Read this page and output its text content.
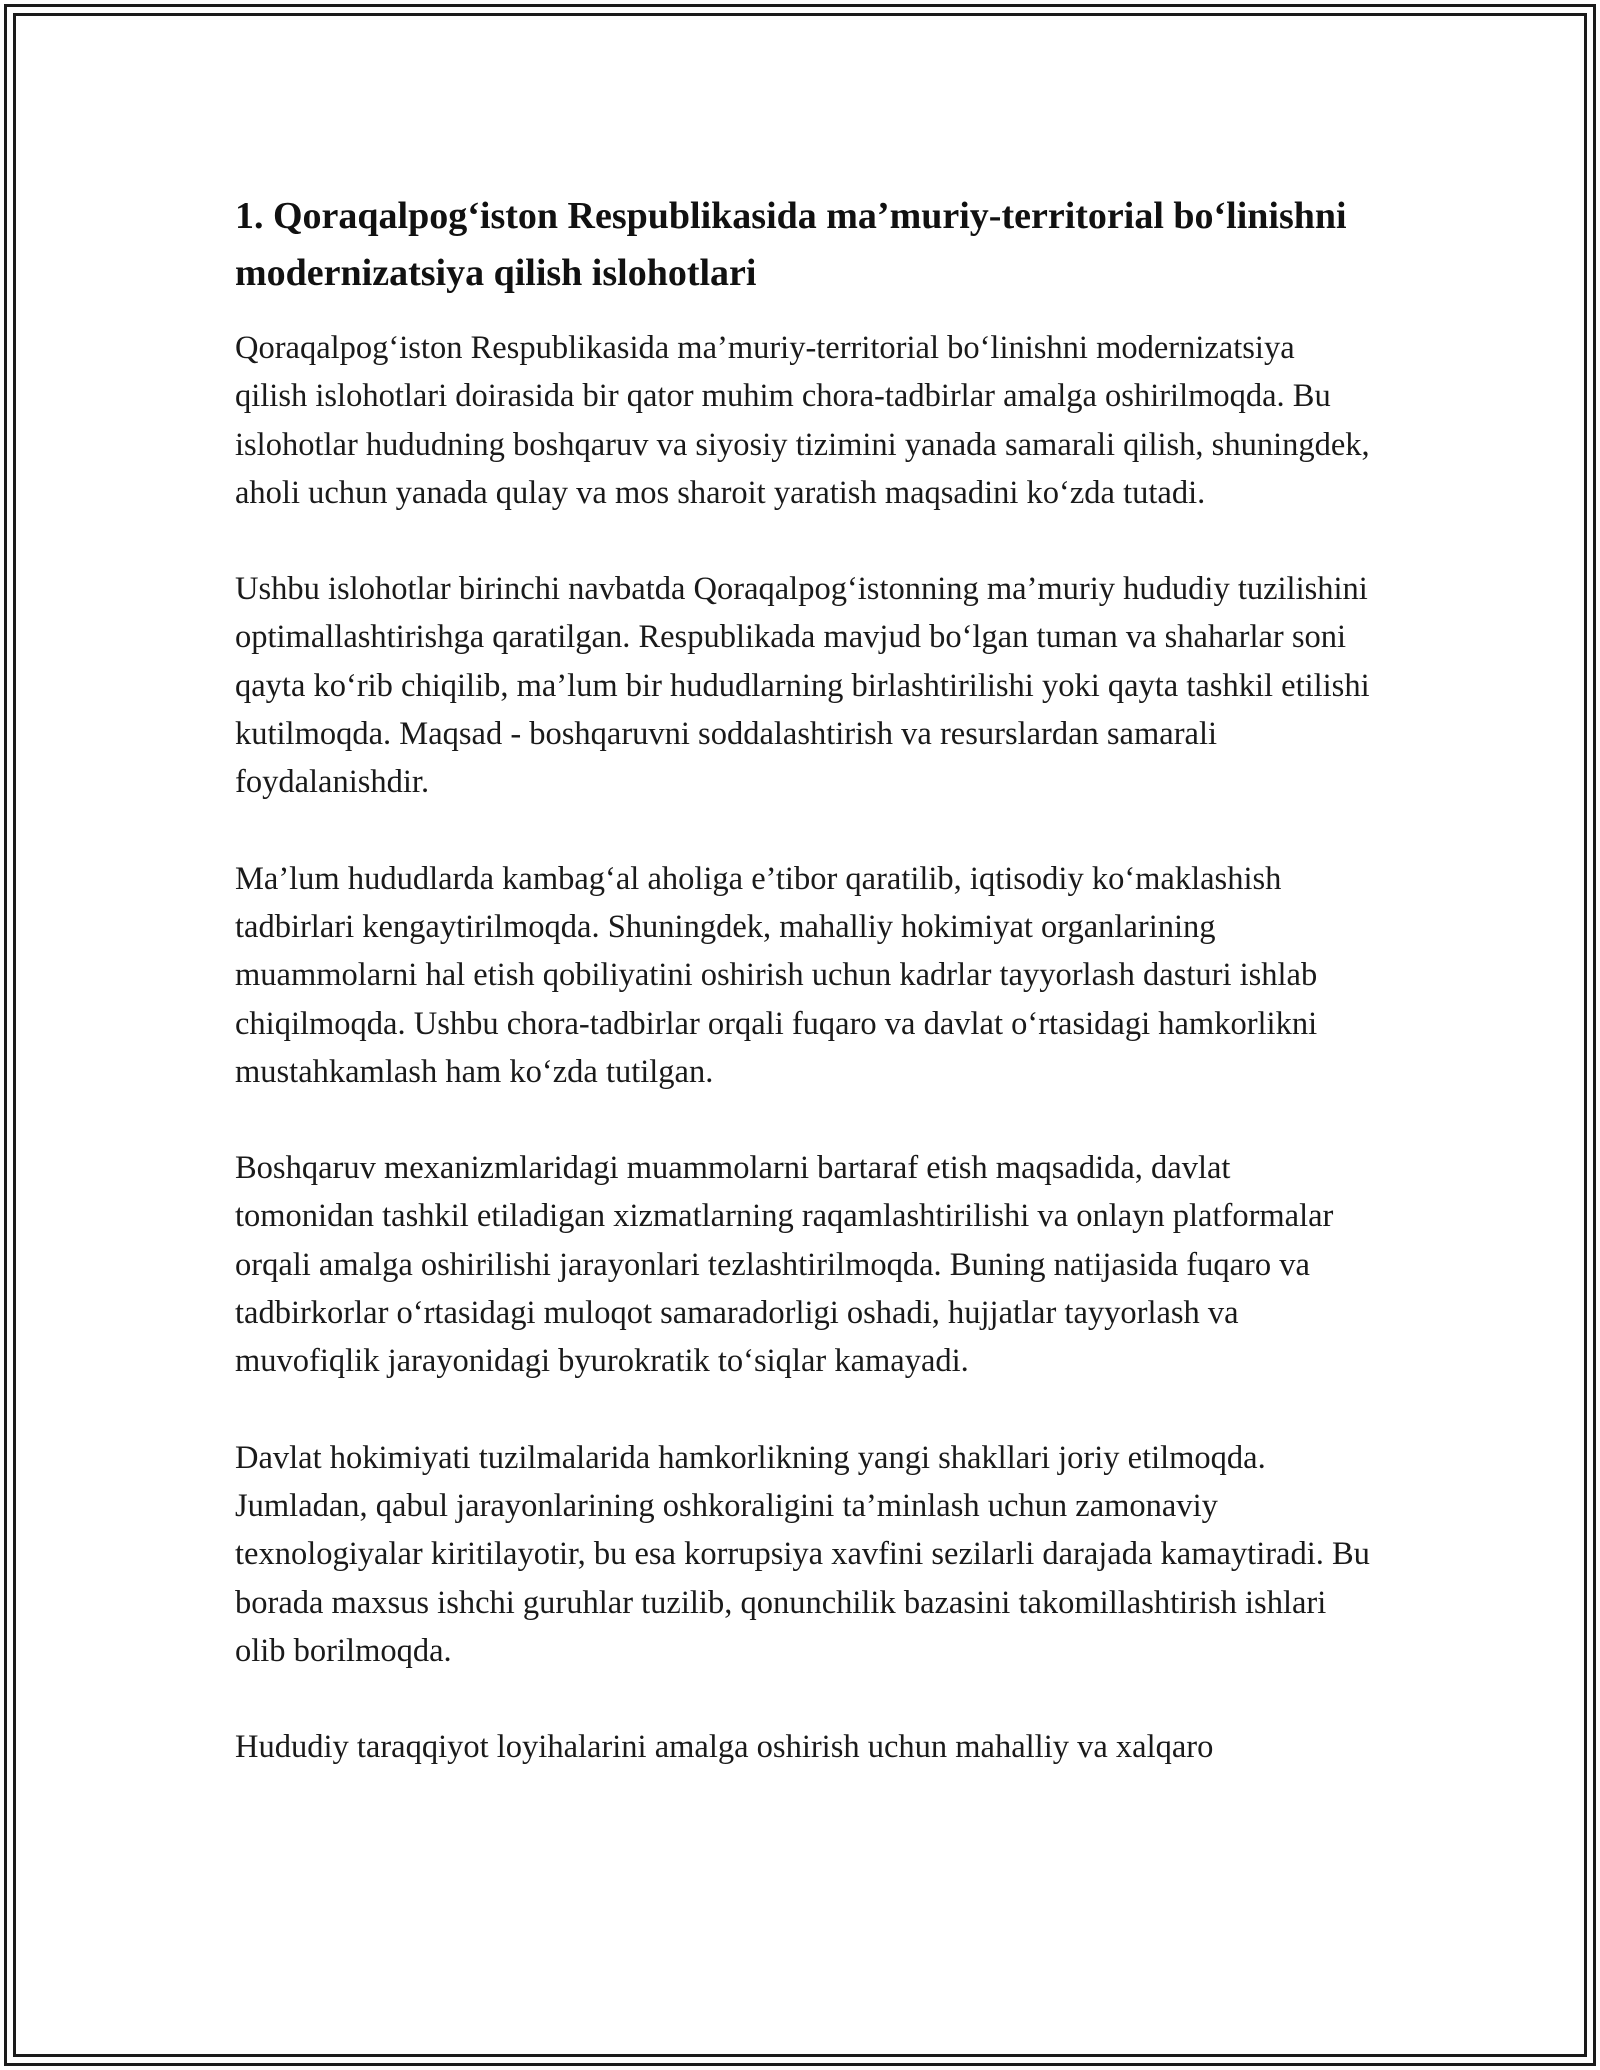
1. Qoraqalpog‘iston Respublikasida ma’muriy-territorial bo‘linishni modernizatsiya qilish islohotlari

Qoraqalpog‘iston Respublikasida ma’muriy-territorial bo‘linishni modernizatsiya qilish islohotlari doirasida bir qator muhim chora-tadbirlar amalga oshirilmoqda. Bu islohotlar hududning boshqaruv va siyosiy tizimini yanada samarali qilish, shuningdek, aholi uchun yanada qulay va mos sharoit yaratish maqsadini ko‘zda tutadi.

Ushbu islohotlar birinchi navbatda Qoraqalpog‘istonning ma’muriy hududiy tuzilishini optimallashtirishga qaratilgan. Respublikada mavjud bo‘lgan tuman va shaharlar soni qayta ko‘rib chiqilib, ma’lum bir hududlarning birlashtirilishi yoki qayta tashkil etilishi kutilmoqda. Maqsad - boshqaruvni soddalashtirish va resurslardan samarali foydalanishdir.

Ma’lum hududlarda kambag‘al aholiga e’tibor qaratilib, iqtisodiy ko‘maklashish tadbirlari kengaytirilmoqda. Shuningdek, mahalliy hokimiyat organlarining muammolarni hal etish qobiliyatini oshirish uchun kadrlar tayyorlash dasturi ishlab chiqilmoqda. Ushbu chora-tadbirlar orqali fuqaro va davlat o‘rtasidagi hamkorlikni mustahkamlash ham ko‘zda tutilgan.

Boshqaruv mexanizmlaridagi muammolarni bartaraf etish maqsadida, davlat tomonidan tashkil etiladigan xizmatlarning raqamlashtirilishi va onlayn platformalar orqali amalga oshirilishi jarayonlari tezlashtirilmoqda. Buning natijasida fuqaro va tadbirkorlar o‘rtasidagi muloqot samaradorligi oshadi, hujjatlar tayyorlash va muvofiqlik jarayonidagi byurokratik to‘siqlar kamayadi.

Davlat hokimiyati tuzilmalarida hamkorlikning yangi shakllari joriy etilmoqda. Jumladan, qabul jarayonlarining oshkoraligini ta’minlash uchun zamonaviy texnologiyalar kiritilayotir, bu esa korrupsiya xavfini sezilarli darajada kamaytiradi. Bu borada maxsus ishchi guruhlar tuzilib, qonunchilik bazasini takomillashtirish ishlari olib borilmoqda.

Hududiy taraqqiyot loyihalarini amalga oshirish uchun mahalliy va xalqaro
